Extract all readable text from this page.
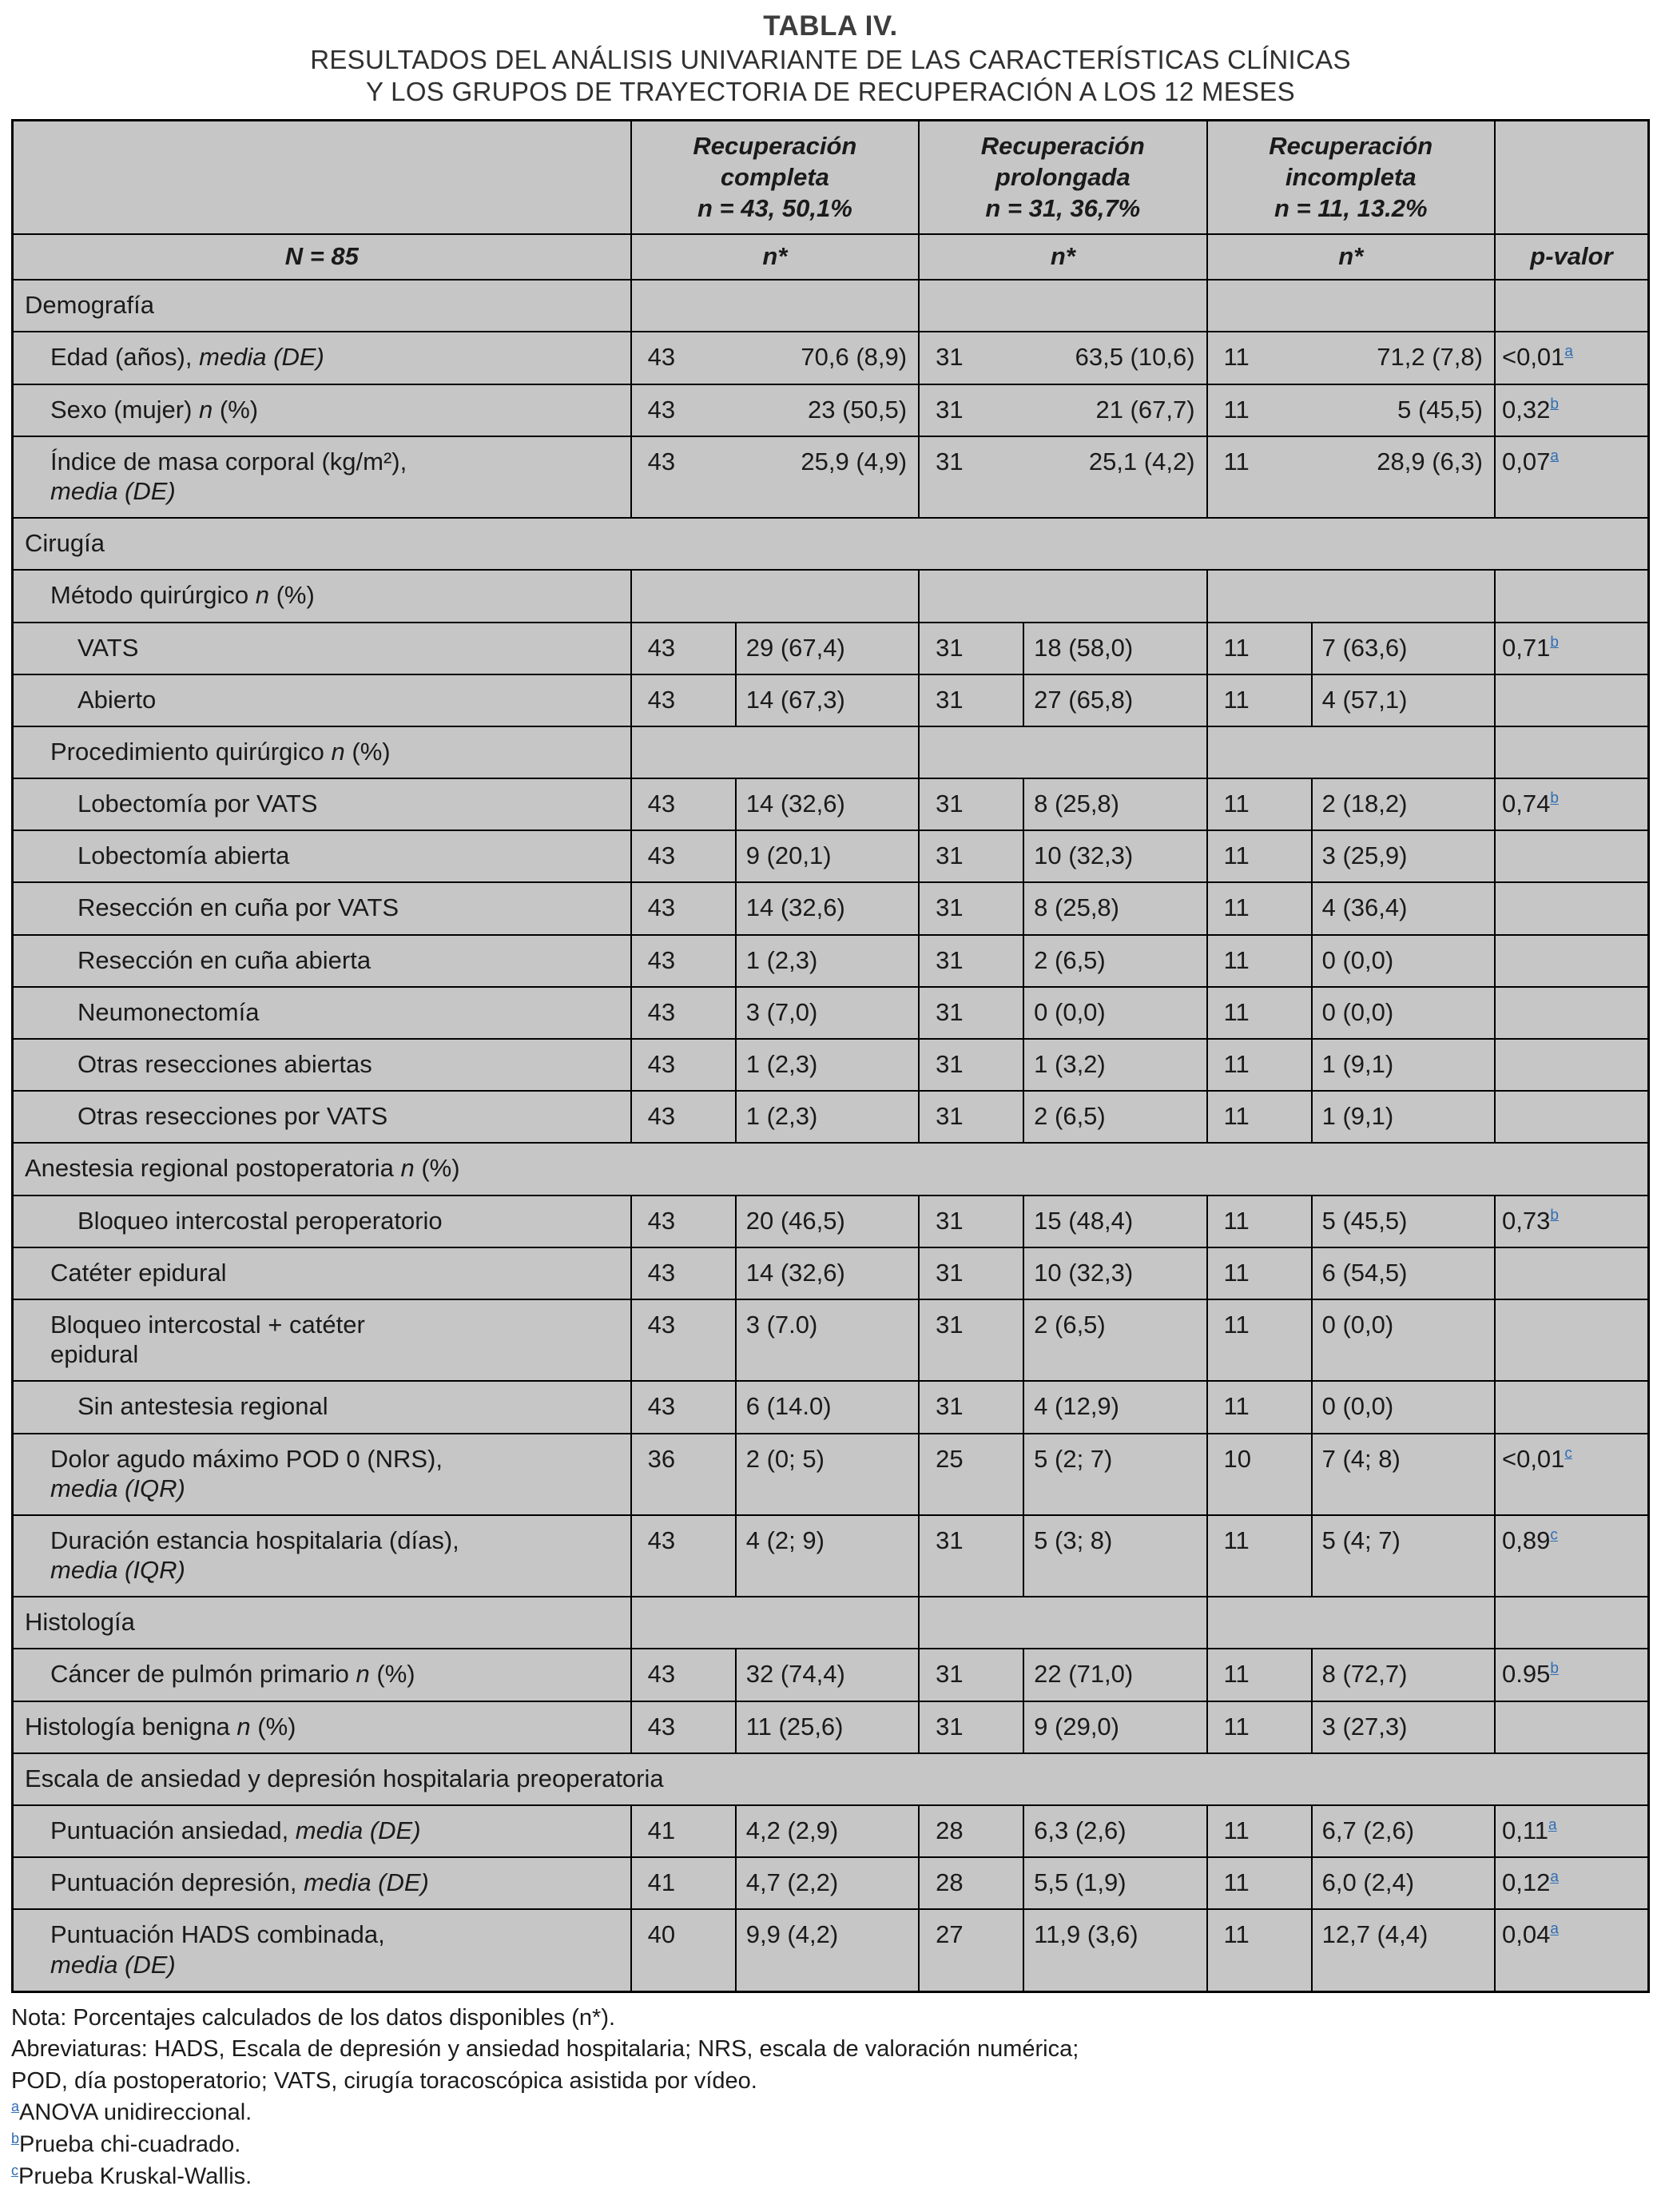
TABLA IV.
RESULTADOS DEL ANÁLISIS UNIVARIANTE DE LAS CARACTERÍSTICAS CLÍNICAS
Y LOS GRUPOS DE TRAYECTORIA DE RECUPERACIÓN A LOS 12 MESES

Recuperación
completa
n = 43, 50,1%

Recuperación
prolongada
n = 31, 36,7%

Recuperación
incompleta
n = 11, 13.2%

N = 85	n*		n*		n*		p-valor

Demografía							

Edad (años), media (DE)	43 70,6 (8,9)		31 63,5 (10,6)		11 71,2 (7,8)		<0,01$^a$

Sexo (mujer) n (%)	43 23 (50,5)		31 21 (67,7)		11 5 (45,5)		0,32$^b$

Índice de masa corporal (kg/m²),
media (DE)

43	25,9 (4,9)	31	25,1 (4,2)	11	28,9 (6,3)	0,07$^a$

Cirugía							

Método quirúrgico n (%)							

VATS	43	29 (67,4)	31	18 (58,0)	11	7 (63,6)	0,71$^b$

Abierto	43	14 (67,3)	31	27 (65,8)	11	4 (57,1)	

Procedimiento quirúrgico n (%)							

Lobectomía por VATS	43	14 (32,6)	31	8 (25,8)	11	2 (18,2)	0,74$^b$

Lobectomía abierta	43	9 (20,1)	31	10 (32,3)	11	3 (25,9)	

Resección en cuña por VATS	43	14 (32,6)	31	8 (25,8)	11	4 (36,4)	

Resección en cuña abierta	43	1 (2,3)	31	2 (6,5)	11	0 (0,0)	

Neumonectomía	43	3 (7,0)	31	0 (0,0)	11	0 (0,0)	

Otras resecciones abiertas	43	1 (2,3)	31	1 (3,2)	11	1 (9,1)	

Otras resecciones por VATS	43	1 (2,3)	31	2 (6,5)	11	1 (9,1)	

Anestesia regional postoperatoria n (%)							

Bloqueo intercostal peroperatorio	43	20 (46,5)	31	15 (48,4)	11	5 (45,5)	0,73$^b$

Catéter epidural	43	14 (32,6)	31	10 (32,3)	11	6 (54,5)	

Bloqueo intercostal + catéter
epidural	43	3 (7.0)	31	2 (6,5)	11	0 (0,0)	

Sin antestesia regional	43	6 (14.0)	31	4 (12,9)	11	0 (0,0)	

Dolor agudo máximo POD 0 (NRS),
media (IQR)	36	2 (0; 5)	25	5 (2; 7)	10	7 (4; 8)	<0,01$^c$

Duración estancia hospitalaria (días),
media (IQR)	43	4 (2; 9)	31	5 (3; 8)	11	5 (4; 7)	0,89$^c$

Histología							

Cáncer de pulmón primario n (%)	43	32 (74,4)	31	22 (71,0)	11	8 (72,7)	0.95$^b$

Histología benigna n (%)	43	11 (25,6)	31	9 (29,0)	11	3 (27,3)	

Escala de ansiedad y depresión hospitalaria preoperatoria							

Puntuación ansiedad, media (DE)	41	4,2 (2,9)	28	6,3 (2,6)	11	6,7 (2,6)	0,11$^a$

Puntuación depresión, media (DE)	41	4,7 (2,2)	28	5,5 (1,9)	11	6,0 (2,4)	0,12$^a$

Puntuación HADS combinada,
media (DE)	40	9,9 (4,2)	27	11,9 (3,6)	11	12,7 (4,4)	0,04$^a$
Nota: Porcentajes calculados de los datos disponibles (n*).
Abreviaturas: HADS, Escala de depresión y ansiedad hospitalaria; NRS, escala de valoración numérica;
POD, día postoperatorio; VATS, cirugía toracoscópica asistida por vídeo.
$^a$ANOVA unidireccional.
$^b$Prueba chi-cuadrado.
$^c$Prueba Kruskal-Wallis.
